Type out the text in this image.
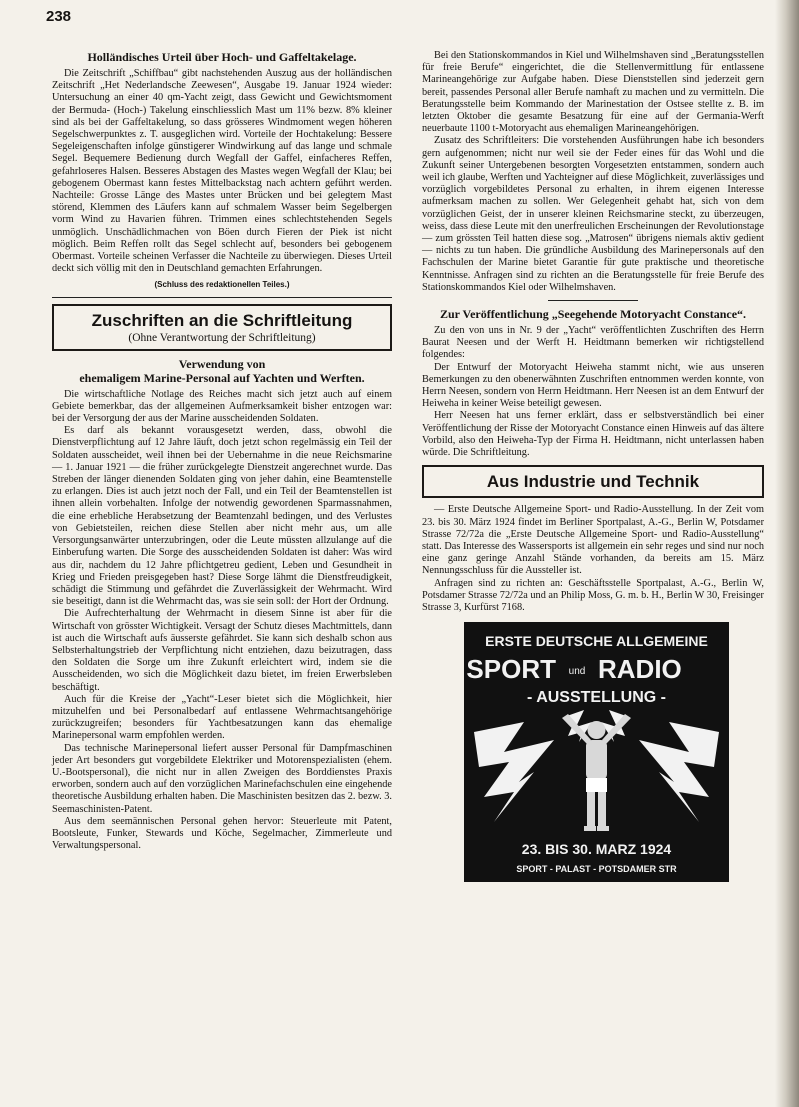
238
Holländisches Urteil über Hoch- und Gaffeltakelage.

Die Zeitschrift „Schiffbau“ gibt nachstehenden Auszug aus der holländischen Zeitschrift „Het Nederlandsche Zeewesen“, Ausgabe 19. Januar 1924 wieder: Untersuchung an einer 40 qm-Yacht zeigt, dass Gewicht und Gewichtsmoment der Bermuda- (Hoch-) Takelung einschliesslich Mast um 11% bezw. 8% kleiner sind als bei der Gaffeltakelung, so dass grösseres Windmoment wegen höheren Segelschwerpunktes z. T. ausgeglichen wird. Vorteile der Hochtakelung: Bessere Segeleigenschaften infolge günstigerer Windwirkung auf das lange und schmale Segel. Bequemere Bedienung durch Wegfall der Gaffel, einfacheres Reffen, gefahrloseres Halsen. Besseres Abstagen des Mastes wegen Wegfall der Klau; bei gebogenem Obermast kann festes Mittelbackstag nach achtern geführt werden. Nachteile: Grosse Länge des Mastes unter Brücken und bei gelegtem Mast störend, Klemmen des Läufers kann auf schmalem Wasser beim Segelbergen vorm Wind zu Havarien führen. Trimmen eines schlechtstehenden Segels unmöglich. Unschädlichmachen von Böen durch Fieren der Piek ist nicht möglich. Beim Reffen rollt das Segel schlecht auf, besonders bei gebogenem Obermast. Vorteile scheinen Verfasser die Nachteile zu überwiegen. Dieses Urteil deckt sich völlig mit den in Deutschland gemachten Erfahrungen.

(Schluss des redaktionellen Teiles.)
Zuschriften an die Schriftleitung
(Ohne Verantwortung der Schriftleitung)
Verwendung von
ehemaligem Marine-Personal auf Yachten und Werften.

Die wirtschaftliche Notlage des Reiches macht sich jetzt auch auf einem Gebiete bemerkbar, das der allgemeinen Aufmerksamkeit bisher entzogen war: bei der Versorgung der aus der Marine ausscheidenden Soldaten.

Es darf als bekannt vorausgesetzt werden, dass, obwohl die Dienstverpflichtung auf 12 Jahre läuft, doch jetzt schon regelmässig ein Teil der Soldaten ausscheidet, weil ihnen bei der Uebernahme in die neue Reichsmarine — 1. Januar 1921 — die früher zurückgelegte Dienstzeit angerechnet wurde. Das Streben der länger dienenden Soldaten ging von jeher dahin, eine Beamtenstelle zu erlangen. Dies ist auch jetzt noch der Fall, und ein Teil der Beamtenstellen ist ihnen allein vorbehalten. Infolge der notwendig gewordenen Sparmassnahmen, die eine erhebliche Herabsetzung der Beamtenzahl bedingen, und des Verlustes von Gebietsteilen, reichen diese Stellen aber nicht mehr aus, um alle Versorgungsanwärter unterzubringen, oder die Leute müssten allzulange auf die Einberufung warten. Die Sorge des ausscheidenden Soldaten ist daher: Was wird aus dir, nachdem du 12 Jahre pflichtgetreu gedient, Leben und Gesundheit in Krieg und Frieden preisgegeben hast? Diese Sorge lähmt die Dienstfreudigkeit, schädigt die Stimmung und gefährdet die Zuverlässigkeit der Wehrmacht. Wird sie beseitigt, dann ist die Wehrmacht das, was sie sein soll: der Hort der Ordnung.

Die Aufrechterhaltung der Wehrmacht in diesem Sinne ist aber für die Wirtschaft von grösster Wichtigkeit. Versagt der Schutz dieses Machtmittels, dann ist auch die Wirtschaft aufs äusserste gefährdet. Sie kann sich deshalb schon aus Selbsterhaltungstrieb der Verpflichtung nicht entziehen, dazu beizutragen, dass den Soldaten die Sorge um ihre Zukunft erleichtert wird, indem sie die Ausscheidenden, wo sich die Möglichkeit dazu bietet, im freien Erwerbsleben beschäftigt.

Auch für die Kreise der „Yacht“-Leser bietet sich die Möglichkeit, hier mitzuhelfen und bei Personalbedarf auf entlassene Wehrmachtsangehörige zurückzugreifen; besonders für Yachtbesatzungen kann das ehemalige Marinepersonal warm empfohlen werden.

Das technische Marinepersonal liefert ausser Personal für Dampfmaschinen jeder Art besonders gut vorgebildete Elektriker und Motorenspezialisten (ehem. U.-Bootspersonal), die nicht nur in allen Zweigen des Borddienstes Praxis erworben, sondern auch auf den vorzüglichen Marinefachschulen eine eingehende theoretische Ausbildung erhalten haben. Die Maschinisten besitzen das 2. bezw. 3. Seemaschinisten-Patent.

Aus dem seemännischen Personal gehen hervor: Steuerleute mit Patent, Bootsleute, Funker, Stewards und Köche, Segelmacher, Zimmerleute und Verwaltungspersonal.

Bei den Stationskommandos in Kiel und Wilhelmshaven sind „Beratungsstellen für freie Berufe“ eingerichtet, die die Stellenvermittlung für entlassene Marineangehörige zur Aufgabe haben. Diese Dienststellen sind jederzeit gern bereit, passendes Personal aller Berufe namhaft zu machen und zu vermitteln. Die Beratungsstelle beim Kommando der Marinestation der Ostsee stellte z. B. im letzten Oktober die gesamte Besatzung für eine auf der Germania-Werft neuerbaute 1100 t-Motoryacht aus ehemaligen Marineangehörigen.

Zusatz des Schriftleiters: Die vorstehenden Ausführungen habe ich besonders gern aufgenommen; nicht nur weil sie der Feder eines für das Wohl und die Zukunft seiner Untergebenen besorgten Vorgesetzten entstammen, sondern auch weil ich glaube, Werften und Yachteigner auf diese Möglichkeit, zuverlässiges und vorzüglich vorgebildetes Personal zu erhalten, in ihrem eigenen Interesse aufmerksam machen zu sollen. Wer Gelegenheit gehabt hat, sich von dem vorzüglichen Geist, der in unserer kleinen Reichsmarine steckt, zu überzeugen, weiss, dass diese Leute mit den unerfreulichen Erscheinungen der Revolutionstage — zum grössten Teil hatten diese sog. „Matrosen“ übrigens niemals aktiv gedient — nichts zu tun haben. Die gründliche Ausbildung des Marinepersonals auf den Fachschulen der Marine bietet Garantie für gute praktische und theoretische Kenntnisse. Anfragen sind zu richten an die Beratungsstelle für freie Berufe des Stationskommandos Kiel oder Wilhelmshaven.

Zur Veröffentlichung „Seegehende Motoryacht Constance“.

Zu den von uns in Nr. 9 der „Yacht“ veröffentlichten Zuschriften des Herrn Baurat Neesen und der Werft H. Heidtmann bemerken wir richtigstellend folgendes:

Der Entwurf der Motoryacht Heiweha stammt nicht, wie aus unseren Bemerkungen zu den obenerwähnten Zuschriften entnommen werden konnte, von Herrn Neesen, sondern von Herrn Heidtmann. Herr Neesen ist an dem Entwurf der Heiweha in keiner Weise beteiligt gewesen.

Herr Neesen hat uns ferner erklärt, dass er selbstverständlich bei einer Veröffentlichung der Risse der Motoryacht Constance einen Hinweis auf das ältere Vorbild, also den Heiweha-Typ der Firma H. Heidtmann, nicht unterlassen haben würde. Die Schriftleitung.

Aus Industrie und Technik

— Erste Deutsche Allgemeine Sport- und Radio-Ausstellung. In der Zeit vom 23. bis 30. März 1924 findet im Berliner Sportpalast, A.-G., Berlin W, Potsdamer Strasse 72/72a die „Erste Deutsche Allgemeine Sport- und Radio-Ausstellung“ statt. Das Interesse des Wassersports ist allgemein ein sehr reges und sind nur noch eine ganz geringe Anzahl Stände vorhanden, da bereits am 15. März Nennungsschluss für die Aussteller ist.

Anfragen sind zu richten an: Geschäftsstelle Sportpalast, A.-G., Berlin W, Potsdamer Strasse 72/72a und an Philip Moss, G. m. b. H., Berlin W 30, Freisinger Strasse 3, Kurfürst 7168.

ERSTE DEUTSCHE ALLGEMEINE
SPORT und RADIO
- AUSSTELLUNG -
23. BIS 30. MARZ 1924
SPORT - PALAST - POTSDAMER STR
